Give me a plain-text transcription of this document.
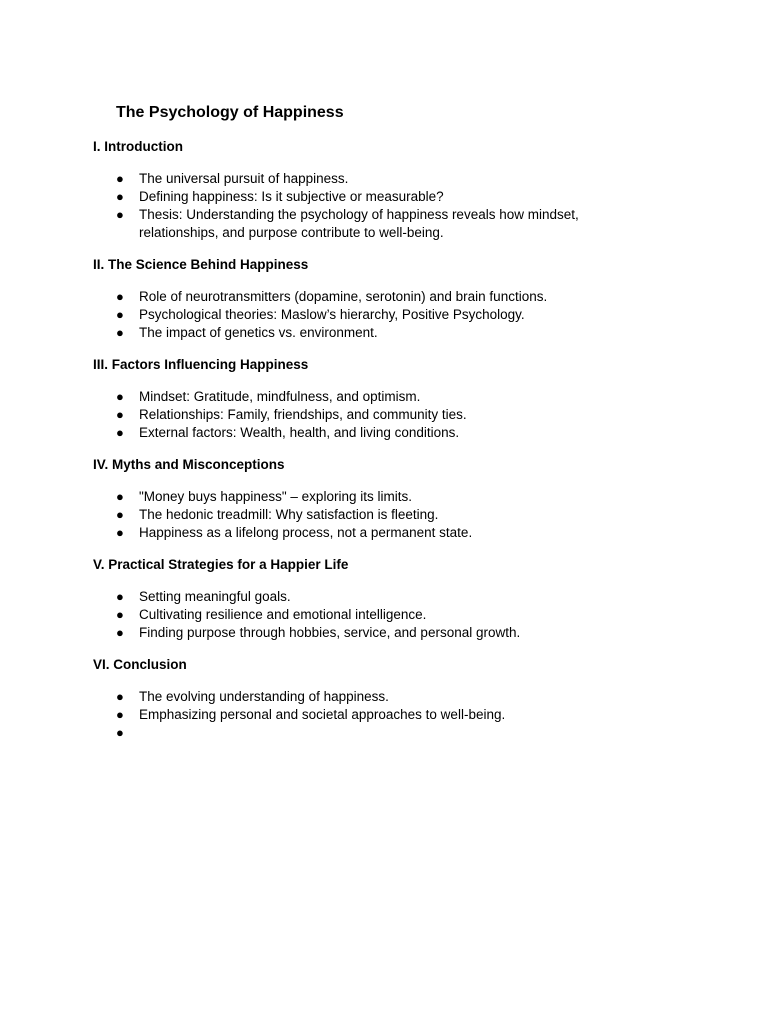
The Psychology of Happiness
I. Introduction
● The universal pursuit of happiness.
● Defining happiness: Is it subjective or measurable?
● Thesis: Understanding the psychology of happiness reveals how mindset, relationships, and purpose contribute to well-being.
II. The Science Behind Happiness
● Role of neurotransmitters (dopamine, serotonin) and brain functions.
● Psychological theories: Maslow’s hierarchy, Positive Psychology.
● The impact of genetics vs. environment.
III. Factors Influencing Happiness
● Mindset: Gratitude, mindfulness, and optimism.
● Relationships: Family, friendships, and community ties.
● External factors: Wealth, health, and living conditions.
IV. Myths and Misconceptions
● "Money buys happiness" – exploring its limits.
● The hedonic treadmill: Why satisfaction is fleeting.
● Happiness as a lifelong process, not a permanent state.
V. Practical Strategies for a Happier Life
● Setting meaningful goals.
● Cultivating resilience and emotional intelligence.
● Finding purpose through hobbies, service, and personal growth.
VI. Conclusion
● The evolving understanding of happiness.
● Emphasizing personal and societal approaches to well-being.
●
